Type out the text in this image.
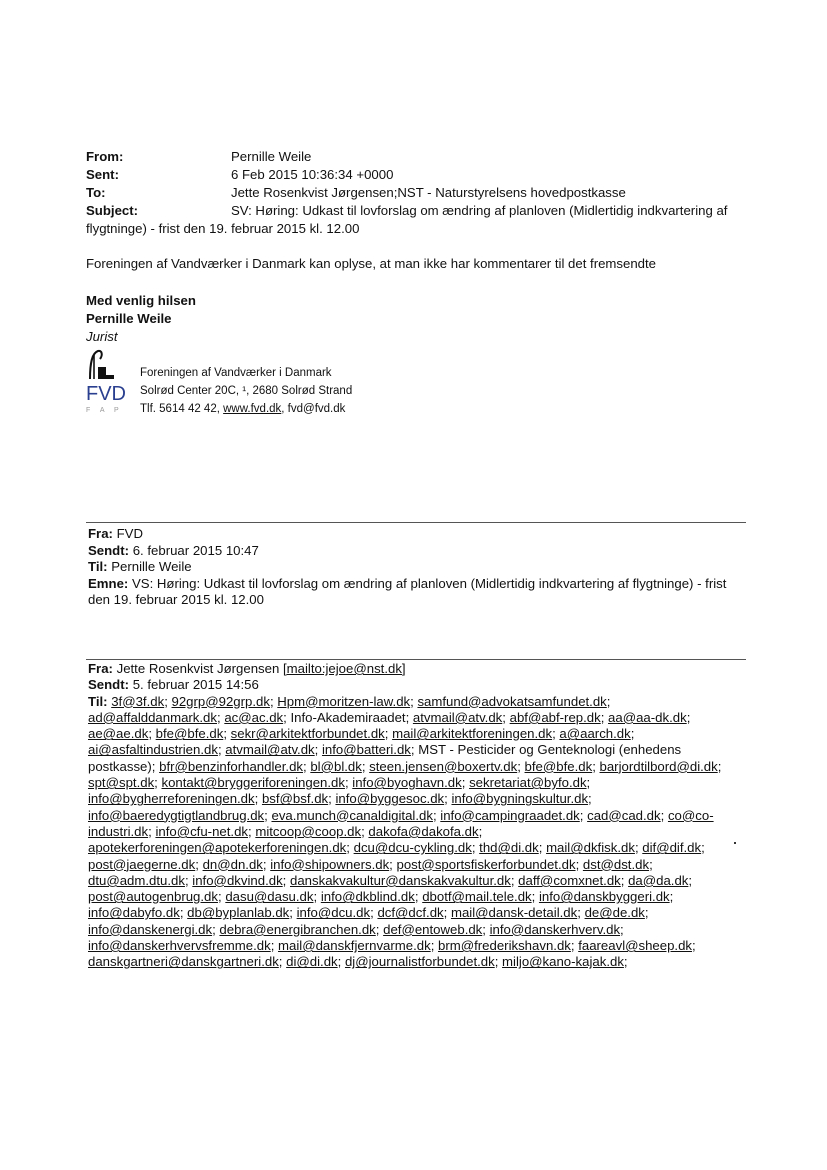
From:	Pernille Weile
Sent:	6 Feb 2015 10:36:34 +0000
To:	Jette Rosenkvist Jørgensen;NST - Naturstyrelsens hovedpostkasse
Subject:	SV: Høring: Udkast til lovforslag om ændring af planloven (Midlertidig indkvartering af
flygtninge) - frist den 19. februar 2015 kl. 12.00
Foreningen af Vandværker i Danmark kan oplyse, at man ikke har kommentarer til det fremsendte
Med venlig hilsen
Pernille Weile
Jurist
FVD
F A P
Foreningen af Vandværker i Danmark
Solrød Center 20C, ¹, 2680 Solrød Strand
Tlf. 5614 42 42, www.fvd.dk, fvd@fvd.dk
Fra: FVD
Sendt: 6. februar 2015 10:47
Til: Pernille Weile
Emne: VS: Høring: Udkast til lovforslag om ændring af planloven (Midlertidig indkvartering af flygtninge) - frist
den 19. februar 2015 kl. 12.00
Fra: Jette Rosenkvist Jørgensen [mailto:jejoe@nst.dk]
Sendt: 5. februar 2015 14:56
Til: 3f@3f.dk; 92grp@92grp.dk; Hpm@moritzen-law.dk; samfund@advokatsamfundet.dk;
ad@affalddanmark.dk; ac@ac.dk; Info-Akademiraadet; atvmail@atv.dk; abf@abf-rep.dk; aa@aa-dk.dk;
ae@ae.dk; bfe@bfe.dk; sekr@arkitektforbundet.dk; mail@arkitektforeningen.dk; a@aarch.dk;
ai@asfaltindustrien.dk; atvmail@atv.dk; info@batteri.dk; MST - Pesticider og Genteknologi (enhedens
postkasse); bfr@benzinforhandler.dk; bl@bl.dk; steen.jensen@boxertv.dk; bfe@bfe.dk; barjordtilbord@di.dk;
spt@spt.dk; kontakt@bryggeriforeningen.dk; info@byoghavn.dk; sekretariat@byfo.dk;
info@bygherreforeningen.dk; bsf@bsf.dk; info@byggesoc.dk; info@bygningskultur.dk;
info@baeredygtigtlandbrug.dk; eva.munch@canaldigital.dk; info@campingraadet.dk; cad@cad.dk; co@co-
industri.dk; info@cfu-net.dk; mitcoop@coop.dk; dakofa@dakofa.dk;
apotekerforeningen@apotekerforeningen.dk; dcu@dcu-cykling.dk; thd@di.dk; mail@dkfisk.dk; dif@dif.dk;
post@jaegerne.dk; dn@dn.dk; info@shipowners.dk; post@sportsfiskerforbundet.dk; dst@dst.dk;
dtu@adm.dtu.dk; info@dkvind.dk; danskakvakultur@danskakvakultur.dk; daff@comxnet.dk; da@da.dk;
post@autogenbrug.dk; dasu@dasu.dk; info@dkblind.dk; dbotf@mail.tele.dk; info@danskbyggeri.dk;
info@dabyfo.dk; db@byplanlab.dk; info@dcu.dk; dcf@dcf.dk; mail@dansk-detail.dk; de@de.dk;
info@danskenergi.dk; debra@energibranchen.dk; def@entoweb.dk; info@danskerhverv.dk;
info@danskerhvervsfremme.dk; mail@danskfjernvarme.dk; brm@frederikshavn.dk; faareavl@sheep.dk;
danskgartneri@danskgartneri.dk; di@di.dk; dj@journalistforbundet.dk; miljo@kano-kajak.dk;
